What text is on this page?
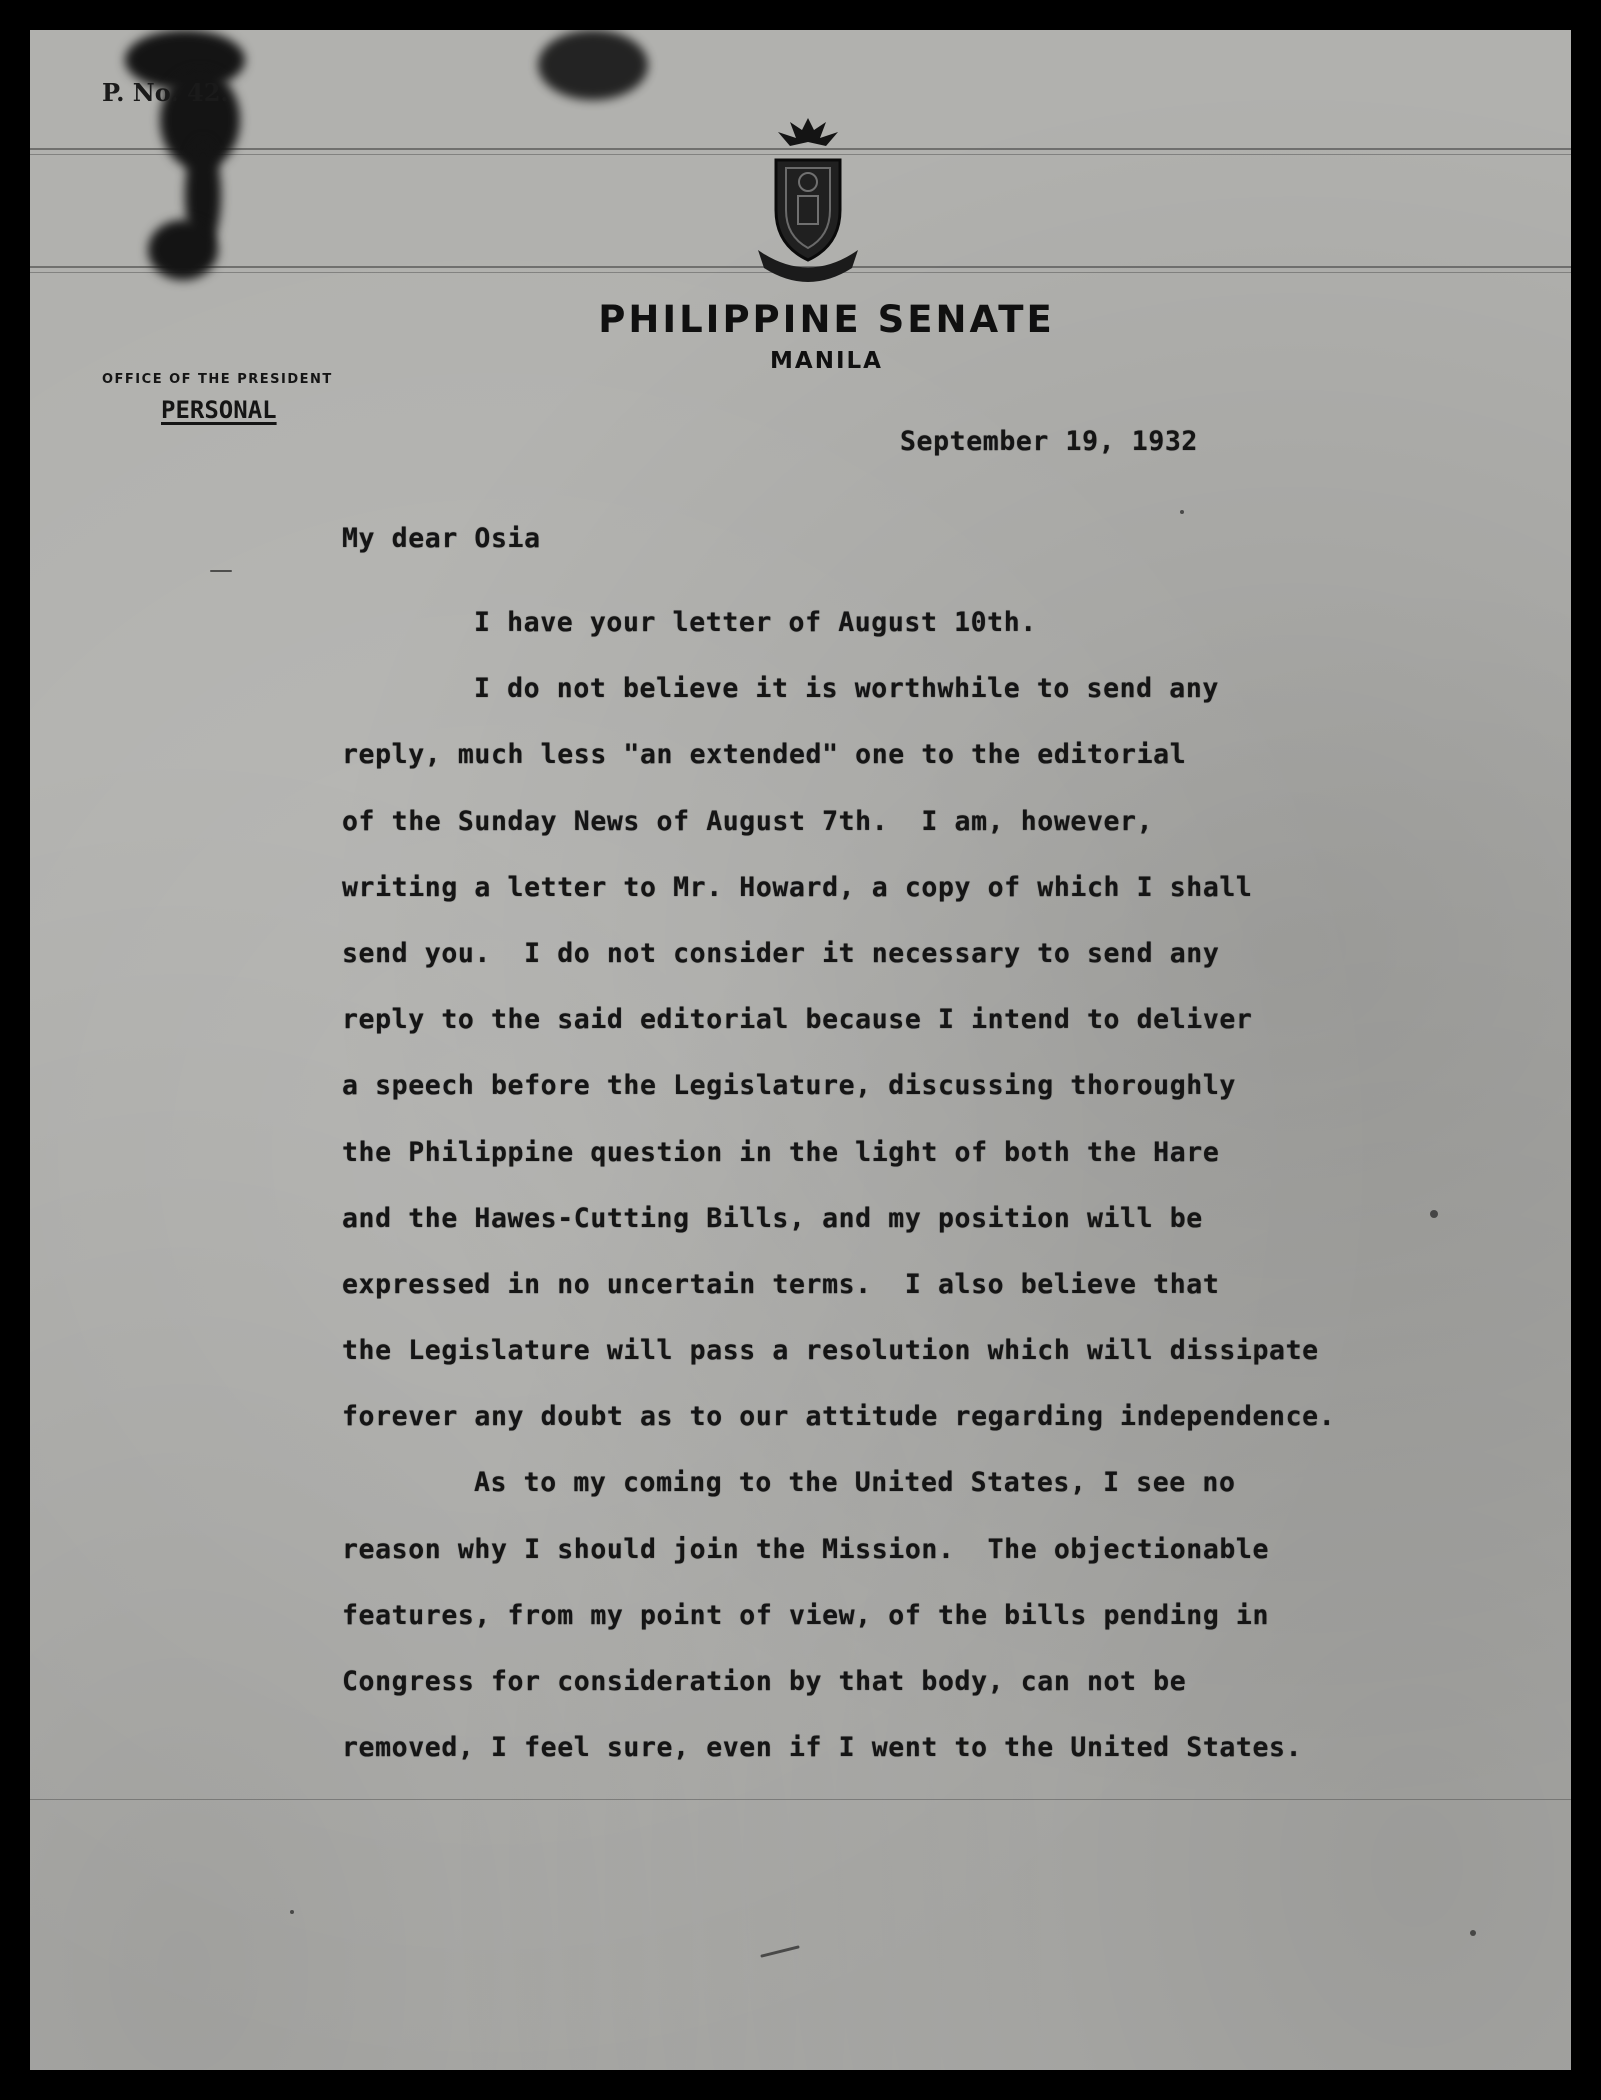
P. No. 42.
PHILIPPINE SENATE
MANILA
OFFICE OF THE PRESIDENT
PERSONAL
September 19, 1932
My dear Osia
I have your letter of August 10th.
I do not believe it is worthwhile to send any
reply, much less "an extended" one to the editorial
of the Sunday News of August 7th.  I am, however,
writing a letter to Mr. Howard, a copy of which I shall
send you.  I do not consider it necessary to send any
reply to the said editorial because I intend to deliver
a speech before the Legislature, discussing thoroughly
the Philippine question in the light of both the Hare
and the Hawes-Cutting Bills, and my position will be
expressed in no uncertain terms.  I also believe that
the Legislature will pass a resolution which will dissipate
forever any doubt as to our attitude regarding independence.
As to my coming to the United States, I see no
reason why I should join the Mission.  The objectionable
features, from my point of view, of the bills pending in
Congress for consideration by that body, can not be
removed, I feel sure, even if I went to the United States.
